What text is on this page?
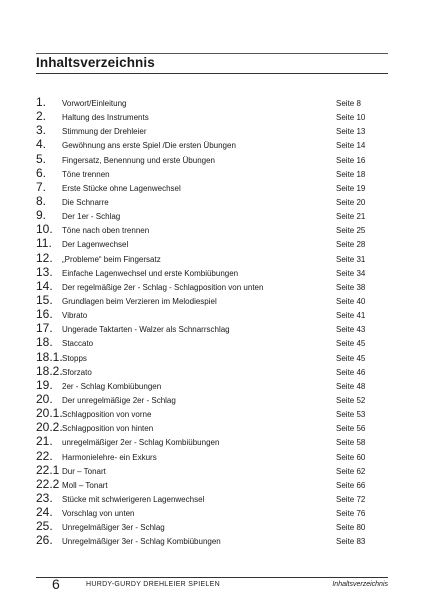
Inhaltsverzeichnis
1.	Vorwort/Einleitung	Seite 8
2.	Haltung des Instruments	Seite 10
3.	Stimmung der Drehleier	Seite 13
4.	Gewöhnung ans erste Spiel /Die ersten Übungen	Seite 14
5.	Fingersatz, Benennung und erste Übungen	Seite 16
6.	Töne trennen	Seite 18
7.	Erste Stücke ohne Lagenwechsel	Seite 19
8.	Die Schnarre	Seite 20
9.	Der 1er - Schlag	Seite 21
10.	Töne nach oben trennen	Seite 25
11.	Der Lagenwechsel	Seite 28
12.	„Probleme“ beim Fingersatz	Seite 31
13.	Einfache Lagenwechsel und erste Kombiübungen	Seite 34
14.	Der regelmäßige 2er - Schlag - Schlagposition von unten	Seite 38
15.	Grundlagen beim Verzieren im Melodiespiel	Seite 40
16.	Vibrato	Seite 41
17.	Ungerade Taktarten - Walzer als Schnarrschlag	Seite 43
18.	Staccato	Seite 45
18.1. Stopps	Seite 45
18.2. Sforzato	Seite 46
19.	2er - Schlag Kombiübungen	Seite 48
20.	Der unregelmäßige 2er - Schlag	Seite 52
20.1. Schlagposition von vorne	Seite 53
20.2. Schlagposition von hinten	Seite 56
21.	unregelmäßiger 2er - Schlag Kombiübungen	Seite 58
22.	Harmonielehre- ein Exkurs	Seite 60
22.1 Dur – Tonart	Seite 62
22.2 Moll – Tonart	Seite 66
23.	Stücke mit schwierigeren Lagenwechsel	Seite 72
24.	Vorschlag von unten	Seite 76
25.	Unregelmäßiger 3er - Schlag	Seite 80
26.	Unregelmäßiger 3er - Schlag Kombiübungen	Seite 83
6	HURDY-GURDY DREHLEIER SPIELEN	Inhaltsverzeichnis
